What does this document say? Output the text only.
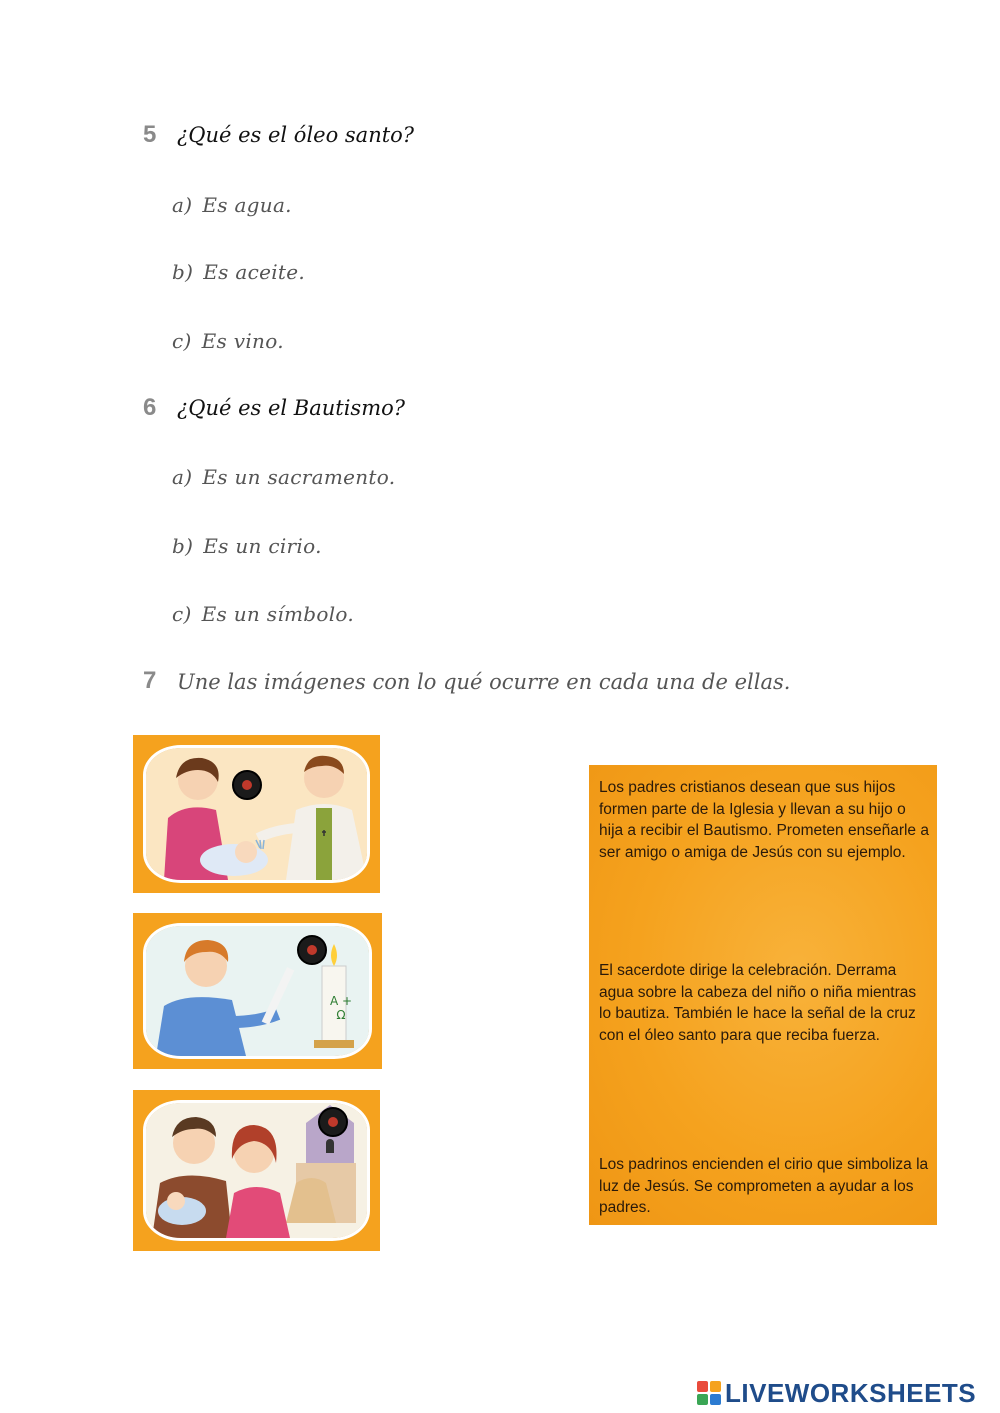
5 ¿Qué es el óleo santo?
a) Es agua.
b) Es aceite.
c) Es vino.
6 ¿Qué es el Bautismo?
a) Es un sacramento.
b) Es un cirio.
c) Es un símbolo.
7 Une las imágenes con lo qué ocurre en cada una de ellas.
A + Ω

Los padres cristianos desean que sus hijos formen parte de la Iglesia y llevan a su hijo o hija a recibir el Bautismo. Prometen enseñarle a ser amigo o amiga de Jesús con su ejemplo.

El sacerdote dirige la celebración. Derrama agua sobre la cabeza del niño o niña mientras lo bautiza. También le hace la señal de la cruz con el óleo santo para que reciba fuerza.

Los padrinos encienden el cirio que simboliza la luz de Jesús. Se comprometen a ayudar a los padres.

LIVEWORKSHEETS
